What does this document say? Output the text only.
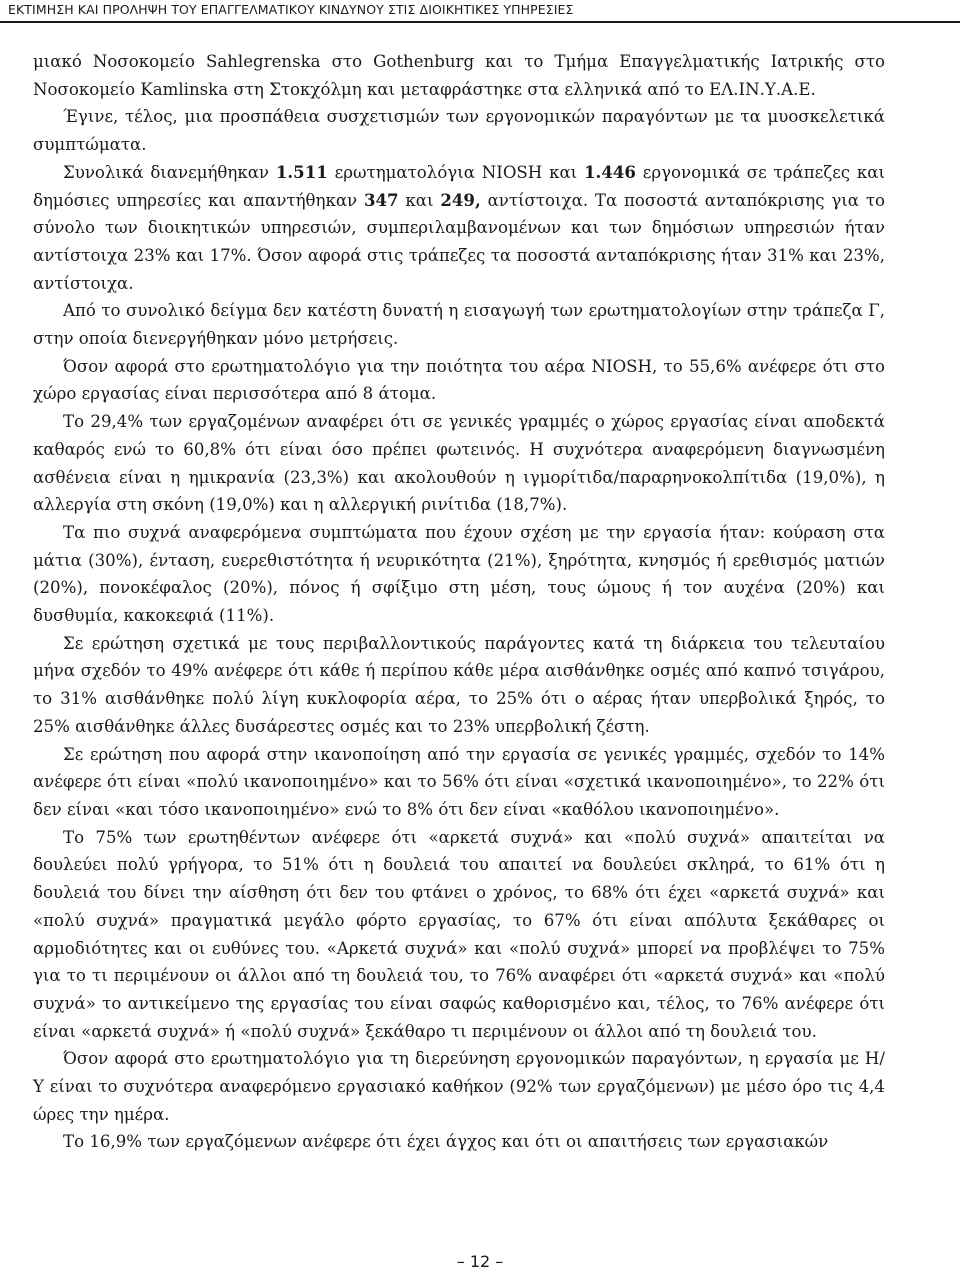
ΕΚΤΙΜΗΣΗ ΚΑΙ ΠΡΟΛΗΨΗ ΤΟΥ ΕΠΑΓΓΕΛΜΑΤΙΚΟΥ ΚΙΝΔΥΝΟΥ ΣΤΙΣ ΔΙΟΙΚΗΤΙΚΕΣ ΥΠΗΡΕΣΙΕΣ

μιακό Νοσοκομείο Sahlegrenska στο Gothenburg και το Τμήμα Επαγγελματικής Ιατρικής στο Νοσοκομείο Kamlinska στη Στοκχόλμη και μεταφράστηκε στα ελληνικά από το ΕΛ.ΙΝ.Υ.Α.Ε.

Έγινε, τέλος, μια προσπάθεια συσχετισμών των εργονομικών παραγόντων με τα μυοσκελετικά συμπτώματα.

Συνολικά διανεμήθηκαν 1.511 ερωτηματολόγια NIOSH και 1.446 εργονομικά σε τράπεζες και δημόσιες υπηρεσίες και απαντήθηκαν 347 και 249, αντίστοιχα. Τα ποσοστά ανταπόκρισης για το σύνολο των διοικητικών υπηρεσιών, συμπεριλαμβανομένων και των δημόσιων υπηρεσιών ήταν αντίστοιχα 23% και 17%. Όσον αφορά στις τράπεζες τα ποσοστά ανταπόκρισης ήταν 31% και 23%, αντίστοιχα.

Από το συνολικό δείγμα δεν κατέστη δυνατή η εισαγωγή των ερωτηματολογίων στην τράπεζα Γ, στην οποία διενεργήθηκαν μόνο μετρήσεις.

Όσον αφορά στο ερωτηματολόγιο για την ποιότητα του αέρα NIOSH, το 55,6% ανέφερε ότι στο χώρο εργασίας είναι περισσότερα από 8 άτομα.

Το 29,4% των εργαζομένων αναφέρει ότι σε γενικές γραμμές ο χώρος εργασίας είναι αποδεκτά καθαρός ενώ το 60,8% ότι είναι όσο πρέπει φωτεινός. Η συχνότερα αναφερόμενη διαγνωσμένη ασθένεια είναι η ημικρανία (23,3%) και ακολουθούν η ιγμορίτιδα/παραρηνοκολπίτιδα (19,0%), η αλλεργία στη σκόνη (19,0%) και η αλλεργική ρινίτιδα (18,7%).

Τα πιο συχνά αναφερόμενα συμπτώματα που έχουν σχέση με την εργασία ήταν: κούραση στα μάτια (30%), ένταση, ευερεθιστότητα ή νευρικότητα (21%), ξηρότητα, κνησμός ή ερεθισμός ματιών (20%), πονοκέφαλος (20%), πόνος ή σφίξιμο στη μέση, τους ώμους ή τον αυχένα (20%) και δυσθυμία, κακοκεφιά (11%).

Σε ερώτηση σχετικά με τους περιβαλλοντικούς παράγοντες κατά τη διάρκεια του τελευταίου μήνα σχεδόν το 49% ανέφερε ότι κάθε ή περίπου κάθε μέρα αισθάνθηκε οσμές από καπνό τσιγάρου, το 31% αισθάνθηκε πολύ λίγη κυκλοφορία αέρα, το 25% ότι ο αέρας ήταν υπερβολικά ξηρός, το 25% αισθάνθηκε άλλες δυσάρεστες οσμές και το 23% υπερβολική ζέστη.

Σε ερώτηση που αφορά στην ικανοποίηση από την εργασία σε γενικές γραμμές, σχεδόν το 14% ανέφερε ότι είναι «πολύ ικανοποιημένο» και το 56% ότι είναι «σχετικά ικανοποιημένο», το 22% ότι δεν είναι «και τόσο ικανοποιημένο» ενώ το 8% ότι δεν είναι «καθόλου ικανοποιημένο».

Το 75% των ερωτηθέντων ανέφερε ότι «αρκετά συχνά» και «πολύ συχνά» απαιτείται να δουλεύει πολύ γρήγορα, το 51% ότι η δουλειά του απαιτεί να δουλεύει σκληρά, το 61% ότι η δουλειά του δίνει την αίσθηση ότι δεν του φτάνει ο χρόνος, το 68% ότι έχει «αρκετά συχνά» και «πολύ συχνά» πραγματικά μεγάλο φόρτο εργασίας, το 67% ότι είναι απόλυτα ξεκάθαρες οι αρμοδιότητες και οι ευθύνες του. «Αρκετά συχνά» και «πολύ συχνά» μπορεί να προβλέψει το 75% για το τι περιμένουν οι άλλοι από τη δουλειά του, το 76% αναφέρει ότι «αρκετά συχνά» και «πολύ συχνά» το αντικείμενο της εργασίας του είναι σαφώς καθορισμένο και, τέλος, το 76% ανέφερε ότι είναι «αρκετά συχνά» ή «πολύ συχνά» ξεκάθαρο τι περιμένουν οι άλλοι από τη δουλειά του.

Όσον αφορά στο ερωτηματολόγιο για τη διερεύνηση εργονομικών παραγόντων, η εργασία με Η/Υ είναι το συχνότερα αναφερόμενο εργασιακό καθήκον (92% των εργαζόμενων) με μέσο όρο τις 4,4 ώρες την ημέρα.

Το 16,9% των εργαζόμενων ανέφερε ότι έχει άγχος και ότι οι απαιτήσεις των εργασιακών

– 12 –
